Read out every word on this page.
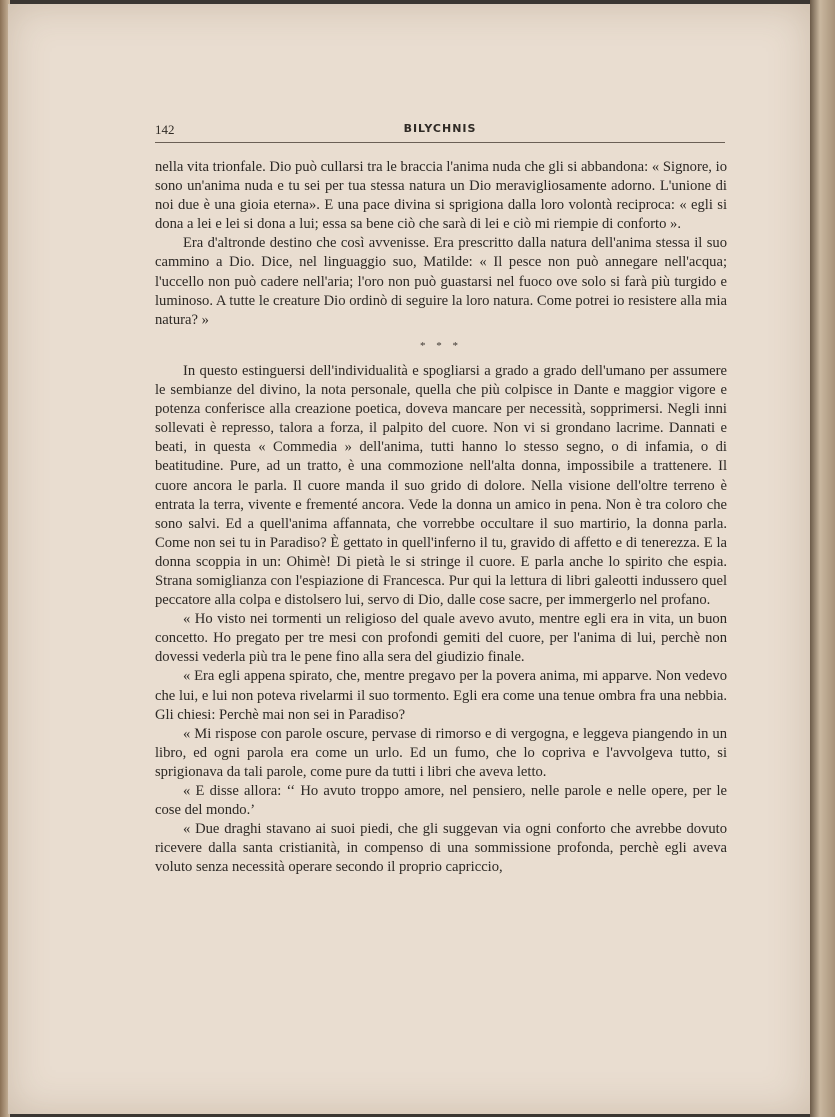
142	BILYCHNIS

nella vita trionfale. Dio può cullarsi tra le braccia l'anima nuda che gli si abbandona: « Signore, io sono un'anima nuda e tu sei per tua stessa natura un Dio meravigliosamente adorno. L'unione di noi due è una gioia eterna». E una pace divina si sprigiona dalla loro volontà reciproca: « egli si dona a lei e lei si dona a lui; essa sa bene ciò che sarà di lei e ciò mi riempie di conforto ».

Era d'altronde destino che così avvenisse. Era prescritto dalla natura dell'anima stessa il suo cammino a Dio. Dice, nel linguaggio suo, Matilde: « Il pesce non può annegare nell'acqua; l'uccello non può cadere nell'aria; l'oro non può guastarsi nel fuoco ove solo si farà più turgido e luminoso. A tutte le creature Dio ordinò di seguire la loro natura. Come potrei io resistere alla mia natura? »

* * *

In questo estinguersi dell'individualità e spogliarsi a grado a grado dell'umano per assumere le sembianze del divino, la nota personale, quella che più colpisce in Dante e maggior vigore e potenza conferisce alla creazione poetica, doveva mancare per necessità, sopprimersi. Negli inni sollevati è represso, talora a forza, il palpito del cuore. Non vi si grondano lacrime. Dannati e beati, in questa « Commedia » dell'anima, tutti hanno lo stesso segno, o di infamia, o di beatitudine. Pure, ad un tratto, è una commozione nell'alta donna, impossibile a trattenere. Il cuore ancora le parla. Il cuore manda il suo grido di dolore. Nella visione dell'oltre terreno è entrata la terra, vivente e frementé ancora. Vede la donna un amico in pena. Non è tra coloro che sono salvi. Ed a quell'anima affannata, che vorrebbe occultare il suo martirio, la donna parla. Come non sei tu in Paradiso? È gettato in quell'inferno il tu, gravido di affetto e di tenerezza. E la donna scoppia in un: Ohimè! Di pietà le si stringe il cuore. E parla anche lo spirito che espia. Strana somiglianza con l'espiazione di Francesca. Pur qui la lettura di libri galeotti indussero quel peccatore alla colpa e distolsero lui, servo di Dio, dalle cose sacre, per immergerlo nel profano.

« Ho visto nei tormenti un religioso del quale avevo avuto, mentre egli era in vita, un buon concetto. Ho pregato per tre mesi con profondi gemiti del cuore, per l'anima di lui, perchè non dovessi vederla più tra le pene fino alla sera del giudizio finale.

« Era egli appena spirato, che, mentre pregavo per la povera anima, mi apparve. Non vedevo che lui, e lui non poteva rivelarmi il suo tormento. Egli era come una tenue ombra fra una nebbia. Gli chiesi: Perchè mai non sei in Paradiso?

« Mi rispose con parole oscure, pervase di rimorso e di vergogna, e leggeva piangendo in un libro, ed ogni parola era come un urlo. Ed un fumo, che lo copriva e l'avvolgeva tutto, si sprigionava da tali parole, come pure da tutti i libri che aveva letto.

« E disse allora: ‘‘ Ho avuto troppo amore, nel pensiero, nelle parole e nelle opere, per le cose del mondo.’

« Due draghi stavano ai suoi piedi, che gli suggevan via ogni conforto che avrebbe dovuto ricevere dalla santa cristianità, in compenso di una sommissione profonda, perchè egli aveva voluto senza necessità operare secondo il proprio capriccio,
